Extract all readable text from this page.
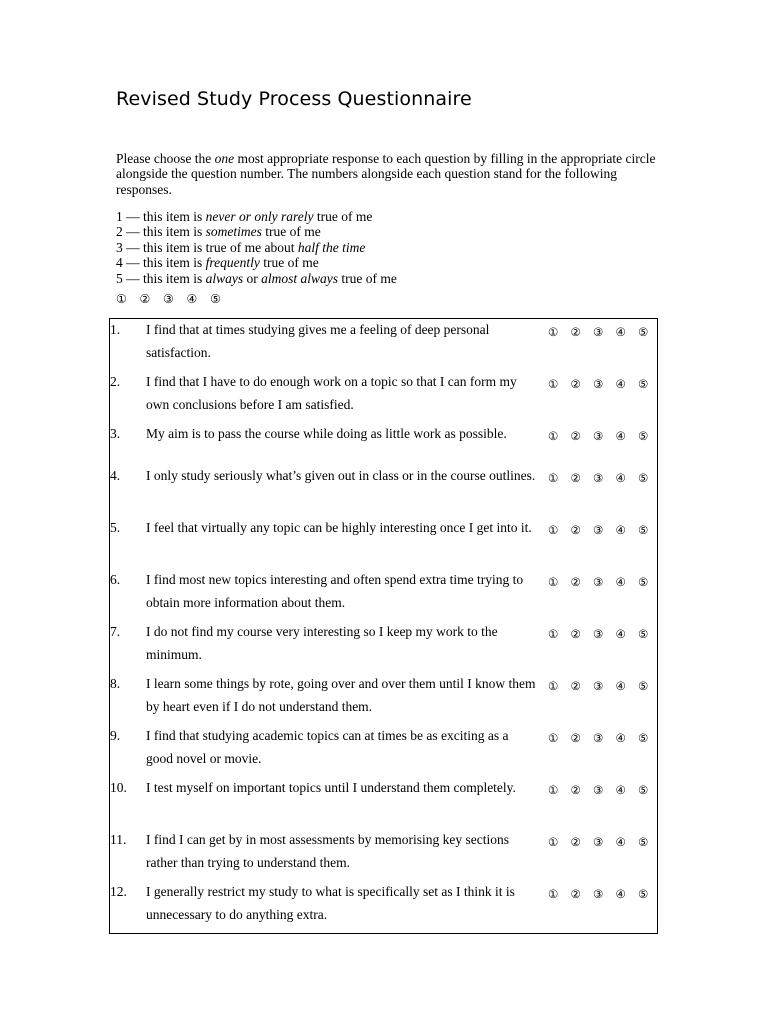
Revised Study Process Questionnaire

Please choose the one most appropriate response to each question by filling in the appropriate circle alongside the question number. The numbers alongside each question stand for the following responses.

1 — this item is never or only rarely true of me
2 — this item is sometimes true of me
3 — this item is true of me about half the time
4 — this item is frequently true of me
5 — this item is always or almost always true of me
①	②	③	④	⑤
1. I find that at times studying gives me a feeling of deep personal satisfaction.
①	②	③	④	⑤
2. I find that I have to do enough work on a topic so that I can form my own conclusions before I am satisfied.
①	②	③	④	⑤
3. My aim is to pass the course while doing as little work as possible.	①	②	③	④	⑤
4. I only study seriously what’s given out in class or in the course outlines. ①	②	③	④	⑤
5. I feel that virtually any topic can be highly interesting once I get into it.	①	②	③	④	⑤
6. I find most new topics interesting and often spend extra time trying to obtain more information about them.
①	②	③	④	⑤
7. I do not find my course very interesting so I keep my work to the minimum.
①	②	③	④	⑤
8. I learn some things by rote, going over and over them until I know them by heart even if I do not understand them.
①	②	③	④	⑤
9. I find that studying academic topics can at times be as exciting as a good novel or movie.
①	②	③	④	⑤
10. I test myself on important topics until I understand them completely.	①	②	③	④	⑤
11. I find I can get by in most assessments by memorising key sections rather than trying to understand them.
①	②	③	④	⑤
12. I generally restrict my study to what is specifically set as I think it is unnecessary to do anything extra.
①	②	③	④	⑤
